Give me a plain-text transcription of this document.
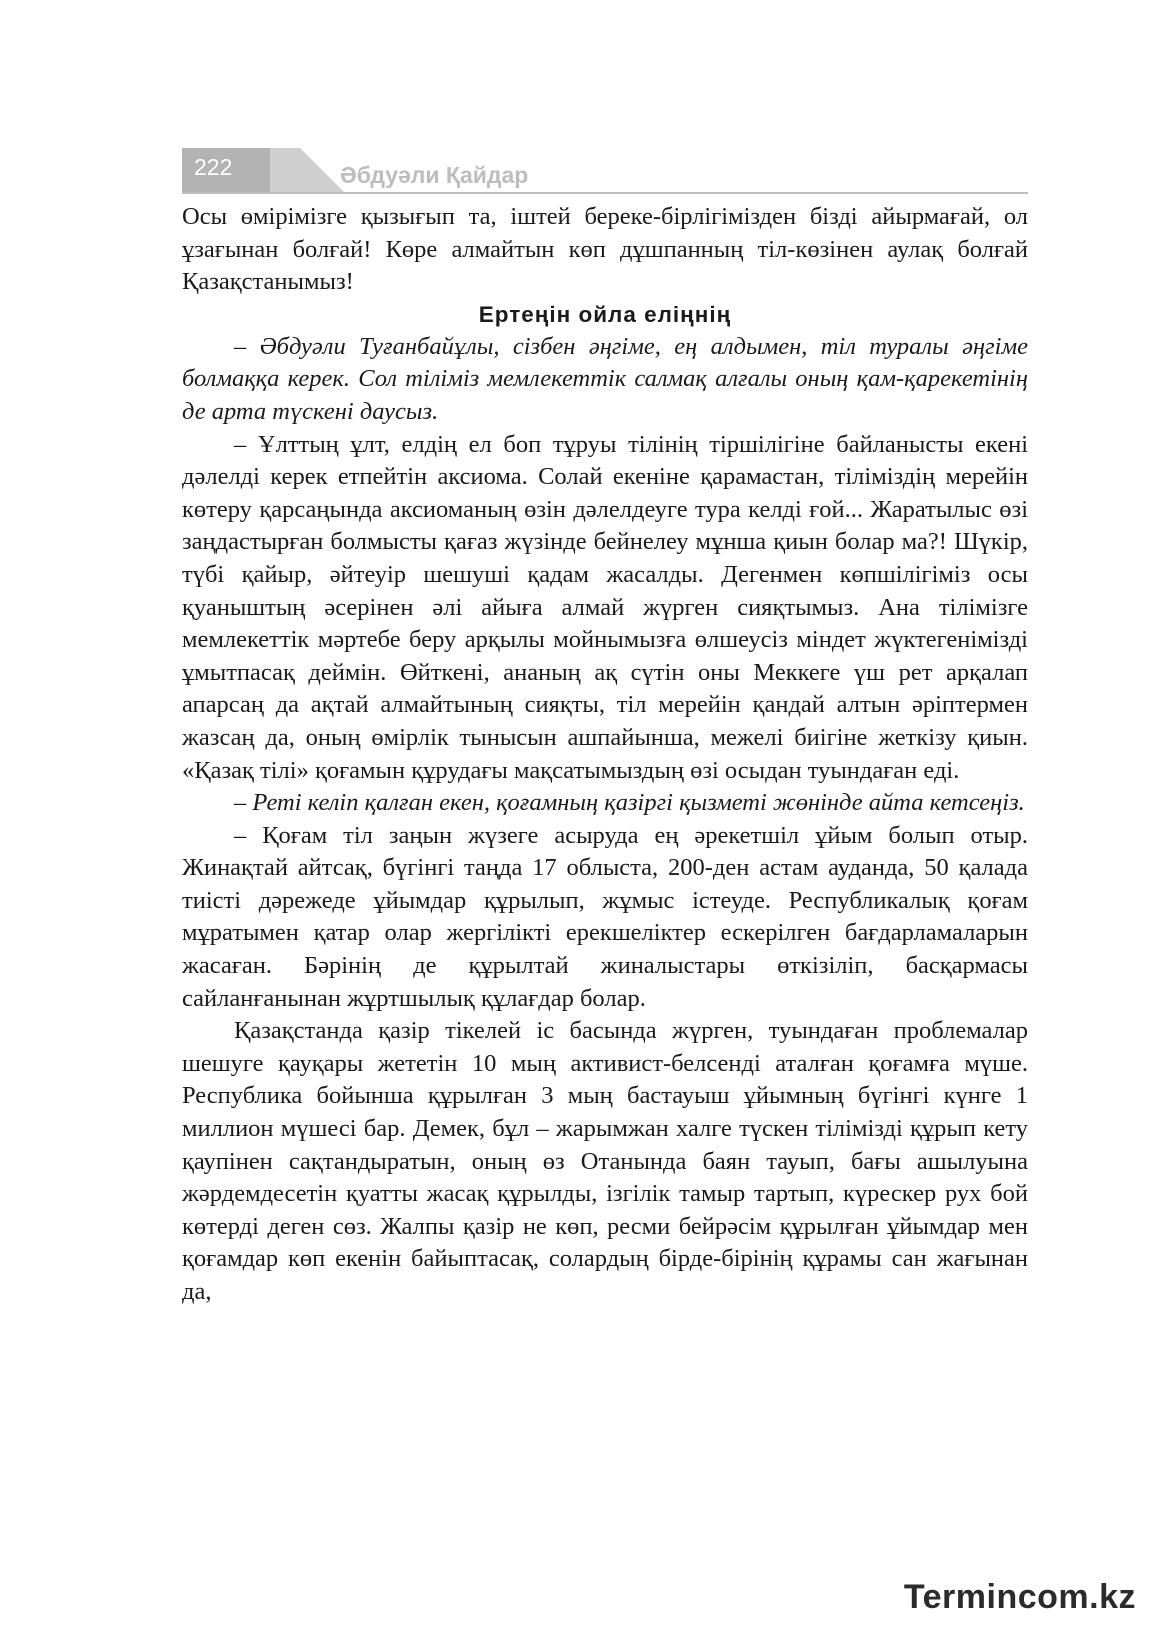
222	Әбдуәли Қайдар

Осы өмірімізге қызығып та, іштей береке-бірлігімізден бізді айырмағай, ол ұзағынан болғай! Көре алмайтын көп дұшпанның тіл-көзінен аулақ болғай Қазақстанымыз!

Ертеңін ойла елiңнің

– Әбдуәли Туғанбайұлы, сізбен әңгіме, ең алдымен, тіл туралы әңгіме болмаққа керек. Сол тіліміз мемлекеттік салмақ алғалы оның қам-қарекетінің де арта түскені даусыз.

– Ұлттың ұлт, елдің ел боп тұруы тілінің тіршілігіне байланысты екені дәлелді керек етпейтін аксиома. Солай екеніне қарамастан, тіліміздің мерейін көтеру қарсаңында аксиоманың өзін дәлелдеуге тура келді ғой... Жаратылыс өзі заңдастырған болмысты қағаз жүзінде бейнелеу мұнша қиын болар ма?! Шүкір, түбі қайыр, әйтеуір шешуші қадам жасалды. Дегенмен көпшілігіміз осы қуаныштың әсерінен әлі айыға алмай жүрген сияқтымыз. Ана тілімізге мемлекеттік мәртебе беру арқылы мойнымызға өлшеусіз міндет жүктегенімізді ұмытпасақ деймін. Өйткені, ананың ақ сүтін оны Меккеге үш рет арқалап апарсаң да ақтай алмайтының сияқты, тіл мерейін қандай алтын әріптермен жазсаң да, оның өмірлік тынысын ашпайынша, межелі биігіне жеткізу қиын. «Қазақ тілі» қоғамын құрудағы мақсатымыздың өзі осыдан туындаған еді.

– Реті келіп қалған екен, қоғамның қазіргі қызметі жөнінде айта кетсеңіз.

– Қоғам тіл заңын жүзеге асыруда ең әрекетшіл ұйым болып отыр. Жинақтай айтсақ, бүгінгі таңда 17 облыста, 200-ден астам ауданда, 50 қалада тиісті дәрежеде ұйымдар құрылып, жұмыс істеуде. Республикалық қоғам мұратымен қатар олар жергілікті ерекшеліктер ескерілген бағдарламаларын жасаған. Бәрінің де құрылтай жиналыстары өткізіліп, басқармасы сайланғанынан жұртшылық құлағдар болар.

Қазақстанда қазір тікелей іс басында жүрген, туындаған проблемалар шешуге қауқары жететін 10 мың активист-белсенді аталған қоғамға мүше. Республика бойынша құрылған 3 мың бастауыш ұйымның бүгінгі күнге 1 миллион мүшесі бар. Демек, бұл – жарымжан халге түскен тілімізді құрып кету қаупінен сақтандыратын, оның өз Отанында баян тауып, бағы ашылуына жәрдемдесетін қуатты жасақ құрылды, ізгілік тамыр тартып, күрескер рух бой көтерді деген сөз. Жалпы қазір не көп, ресми бейрәсім құрылған ұйымдар мен қоғамдар көп екенін байыптасақ, солардың бірде-бірінің құрамы сан жағынан да,

Termincom.kz
